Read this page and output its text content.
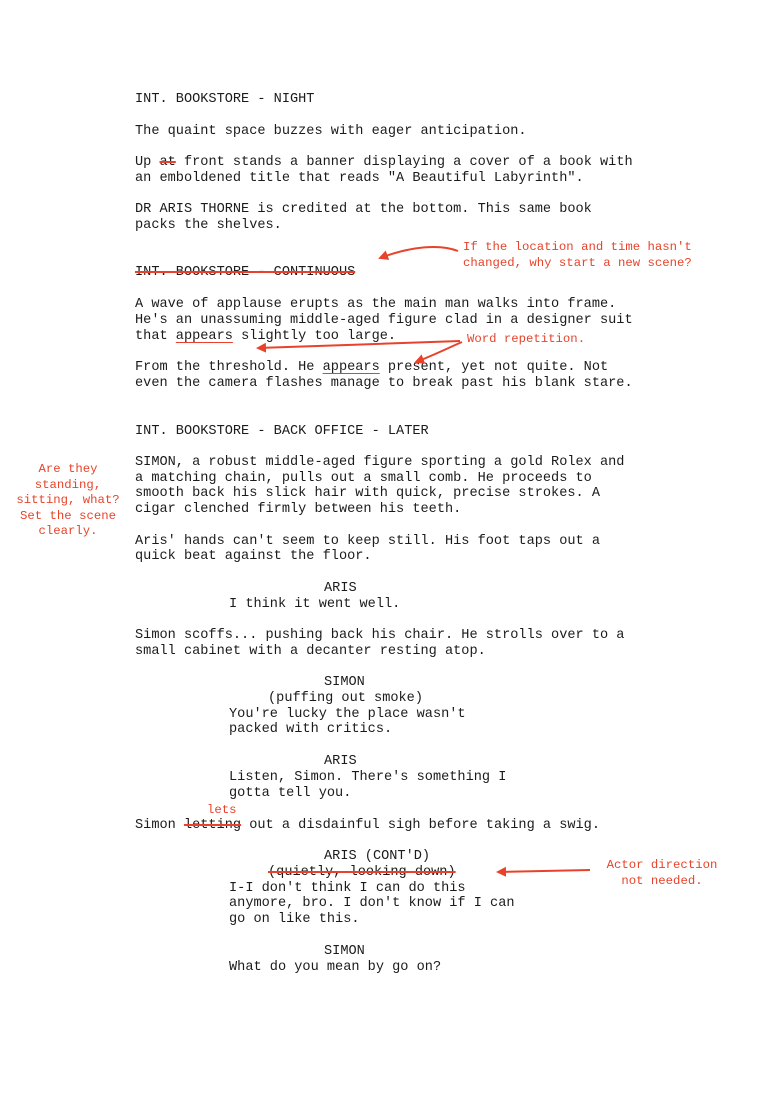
INT. BOOKSTORE - NIGHT

The quaint space buzzes with eager anticipation.

Up at front stands a banner displaying a cover of a book with

an emboldened title that reads "A Beautiful Labyrinth".

DR ARIS THORNE is credited at the bottom. This same book

packs the shelves.

INT. BOOKSTORE - CONTINUOUS

A wave of applause erupts as the main man walks into frame.

He's an unassuming middle-aged figure clad in a designer suit

that appears slightly too large.

From the threshold. He appears present, yet not quite. Not

even the camera flashes manage to break past his blank stare.

INT. BOOKSTORE - BACK OFFICE - LATER

SIMON, a robust middle-aged figure sporting a gold Rolex and

a matching chain, pulls out a small comb. He proceeds to

smooth back his slick hair with quick, precise strokes. A

cigar clenched firmly between his teeth.

Aris' hands can't seem to keep still. His foot taps out a

quick beat against the floor.

ARIS

I think it went well.

Simon scoffs... pushing back his chair. He strolls over to a

small cabinet with a decanter resting atop.

SIMON

(puffing out smoke)

You're lucky the place wasn't

packed with critics.

ARIS

Listen, Simon. There's something I

gotta tell you.

lets

Simon letting out a disdainful sigh before taking a swig.

ARIS (CONT'D)

(quietly, looking down)

I-I don't think I can do this

anymore, bro. I don't know if I can

go on like this.

SIMON

What do you mean by go on?

If the location and time hasn't
changed, why start a new scene?

Word repetition.

Are they
standing,
sitting, what?
Set the scene
clearly.

Actor direction
not needed.
